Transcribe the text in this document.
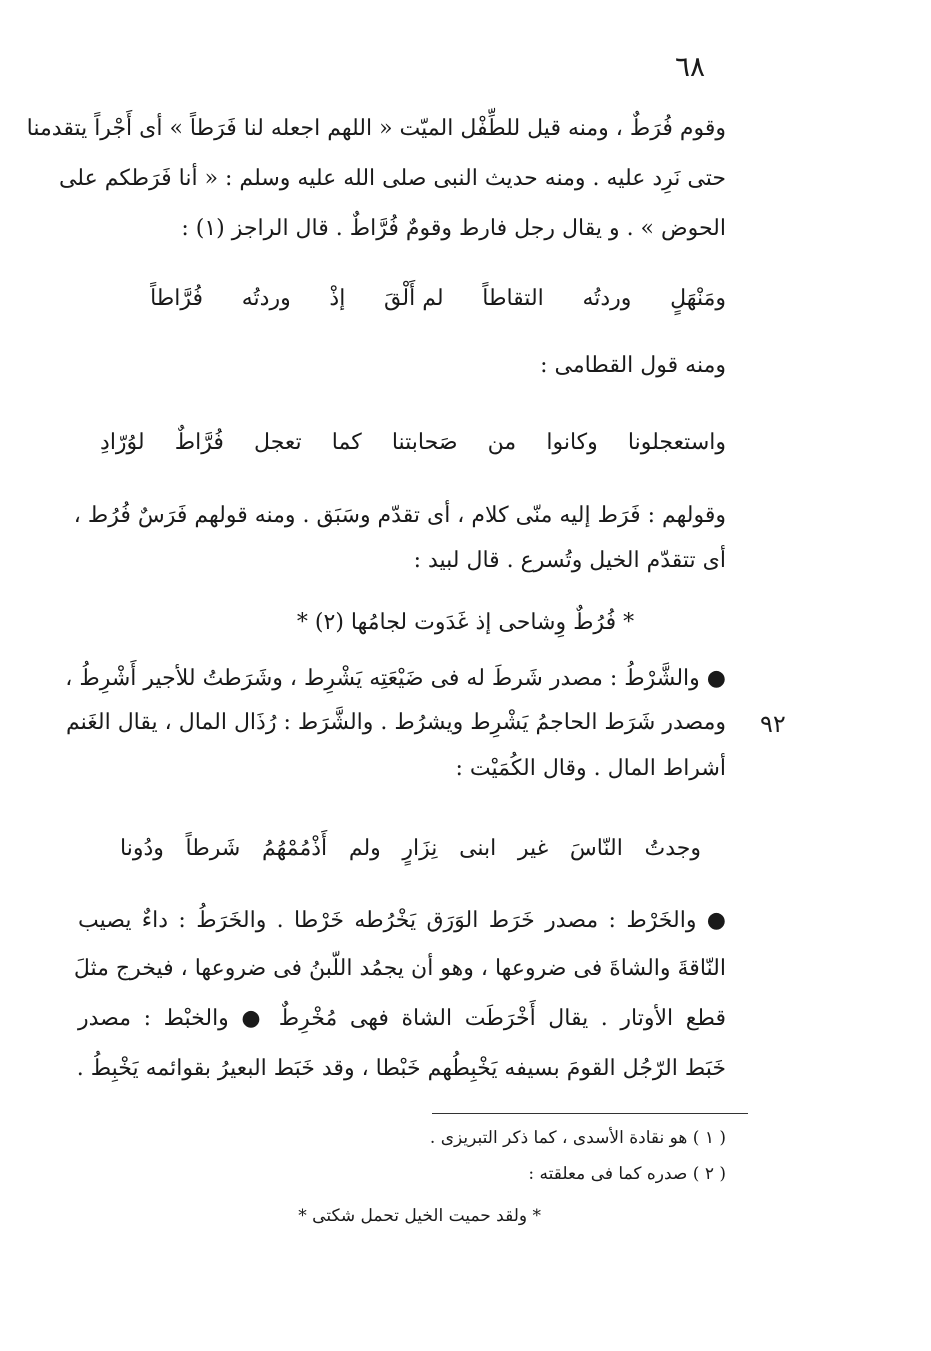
٦٨
وقوم فُرَطٌ ، ومنه قيل للطِّفْل الميّت « اللهم اجعله لنا فَرَطاً » أى أَجْراً يتقدمنا
حتى نَرِد عليه . ومنه حديث النبى صلى الله عليه وسلم : « أنا فَرَطكم على
الحوض » . و يقال رجل فارط وقومٌ فُرَّاطٌ . قال الراجز (١) :
ومَنْهَلٍ
وردتُه
التقاطاً
لم أَلْقَ
إذْ
وردتُه
فُرَّاطاً
ومنه قول القطامى :
واستعجلونا
وكانوا
من
صَحابتنا
كما
تعجل
فُرَّاطٌ
لوُرّادِ
وقولهم : فَرَط إليه منّى كلام ، أى تقدّم وسَبَق . ومنه قولهم فَرَسٌ فُرُط ،
أى تتقدّم الخيل وتُسرع . قال لبيد :
* فُرُطٌ وِشاحى إذ غَدَوت لجامُها (٢) *
● والشَّرْطُ : مصدر شَرطَ له فى ضَيْعَتِه يَشْرِط ، وشَرَطتُ للأجير أَشْرِطُ ،
٩٢
ومصدر شَرَط الحاجمُ يَشْرِط ويشرُط . والشَّرَط : رُذَال المال ، يقال الغَنم
أشراط المال . وقال الكُمَيْت :
وجدتُ
النّاسَ
غير
ابنى
نِزَارٍ
ولم
أَذْمُمْهُمُ
شَرطاً
ودُونا
● والخَرْط : مصدر خَرَط الوَرَق يَخْرُطه خَرْطا . والخَرَطُ : داءٌ يصيب
النّاقةَ والشاةَ فى ضروعها ، وهو أن يجمُد اللّبنُ فى ضروعها ، فيخرج مثلَ
قطع الأوتار . يقال أَخْرَطَت الشاة فهى مُخْرِطٌ ● والخبْط : مصدر
خَبَط الرّجُل القومَ بسيفه يَخْبِطُهم خَبْطا ، وقد خَبَط البعيرُ بقوائمه يَخْبِطُ .
( ١ ) هو نقادة الأسدى ، كما ذكر التبريزى .
( ٢ ) صدره كما فى معلقته :
* ولقد حميت الخيل تحمل شكتى *
